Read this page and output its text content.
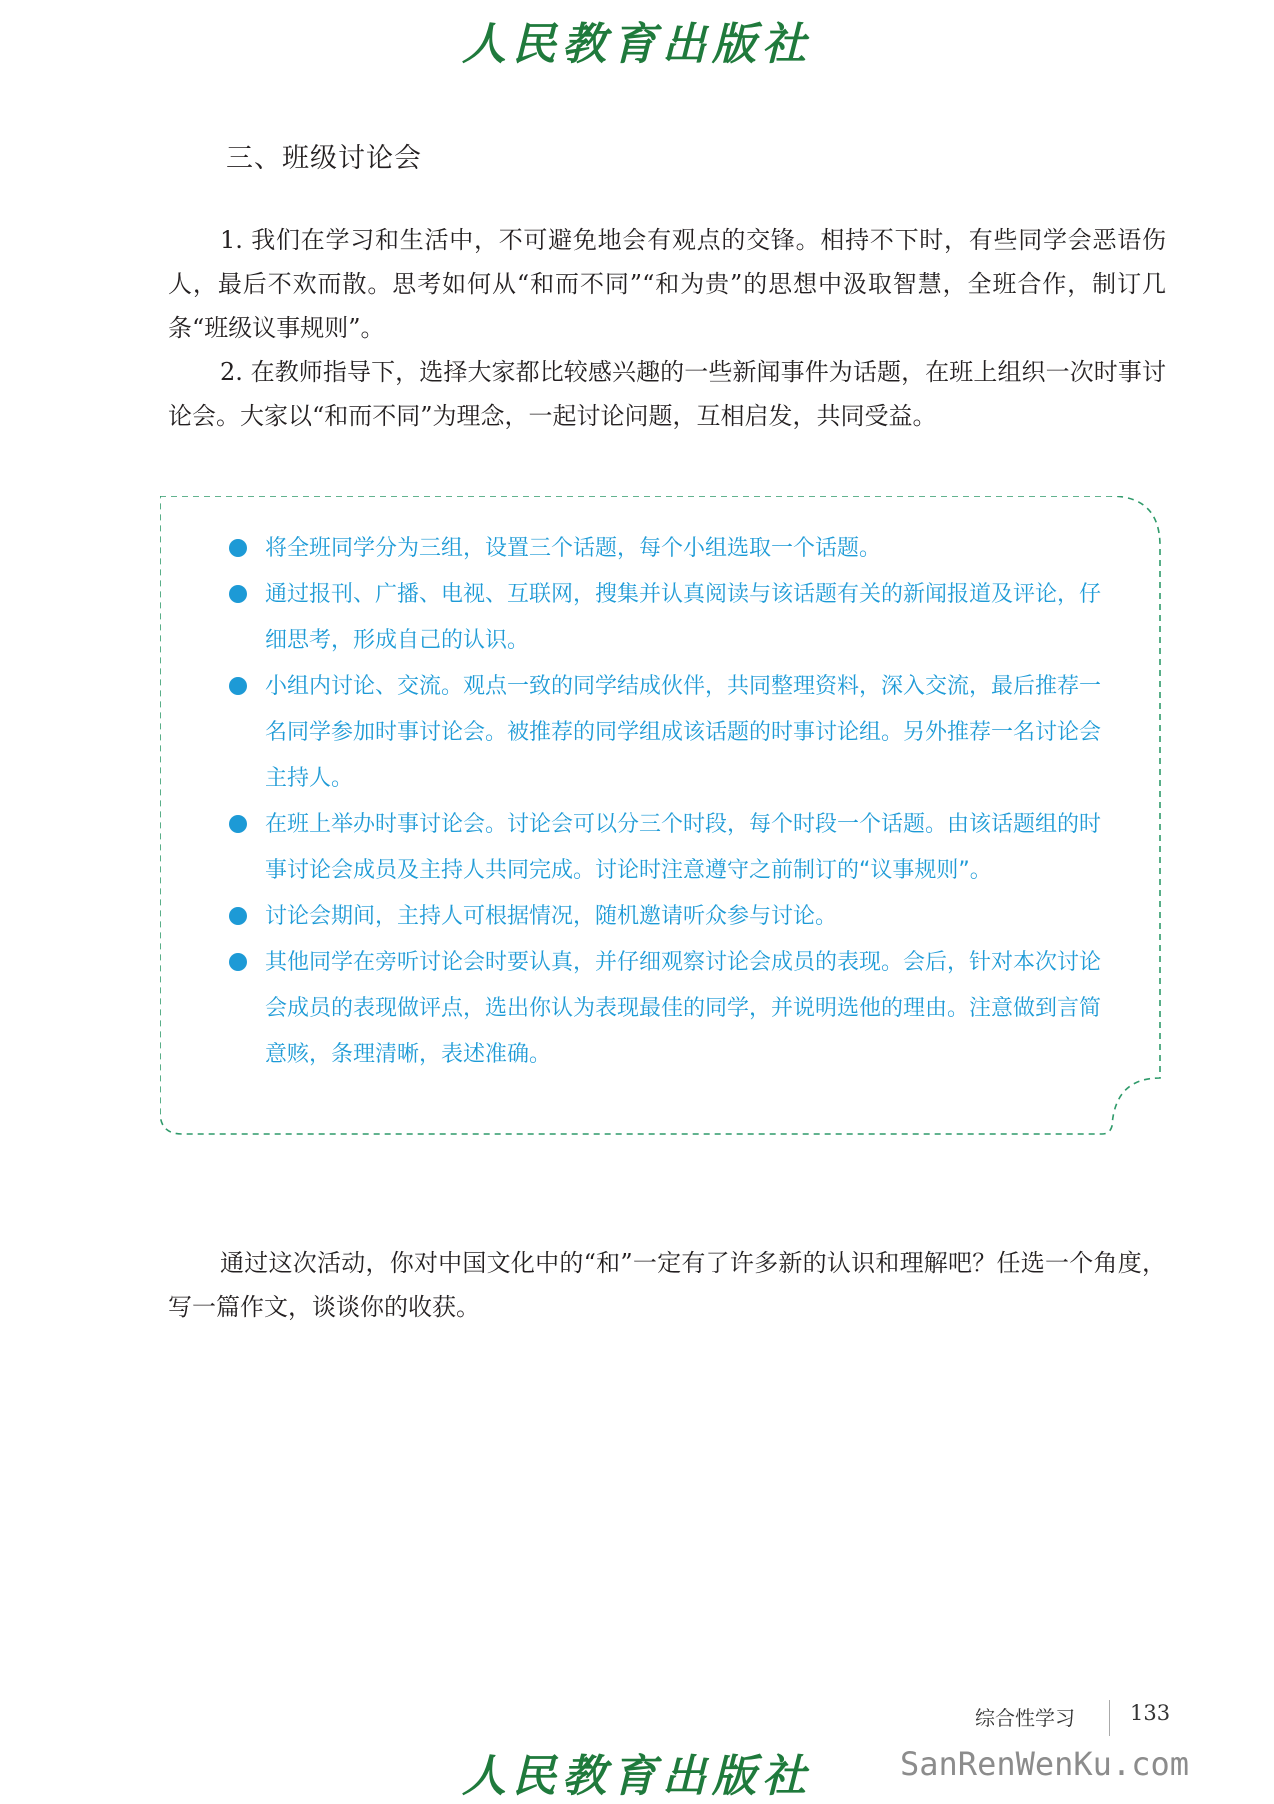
人民教育出版社
三、班级讨论会
1. 我们在学习和生活中，不可避免地会有观点的交锋。相持不下时，有些同学会恶语伤人，最后不欢而散。思考如何从“和而不同”“和为贵”的思想中汲取智慧，全班合作，制订几条“班级议事规则”。
2. 在教师指导下，选择大家都比较感兴趣的一些新闻事件为话题，在班上组织一次时事讨论会。大家以“和而不同”为理念，一起讨论问题，互相启发，共同受益。
将全班同学分为三组，设置三个话题，每个小组选取一个话题。
通过报刊、广播、电视、互联网，搜集并认真阅读与该话题有关的新闻报道及评论，仔细思考，形成自己的认识。
小组内讨论、交流。观点一致的同学结成伙伴，共同整理资料，深入交流，最后推荐一名同学参加时事讨论会。被推荐的同学组成该话题的时事讨论组。另外推荐一名讨论会主持人。
在班上举办时事讨论会。讨论会可以分三个时段，每个时段一个话题。由该话题组的时事讨论会成员及主持人共同完成。讨论时注意遵守之前制订的“议事规则”。
讨论会期间，主持人可根据情况，随机邀请听众参与讨论。
其他同学在旁听讨论会时要认真，并仔细观察讨论会成员的表现。会后，针对本次讨论会成员的表现做评点，选出你认为表现最佳的同学，并说明选他的理由。注意做到言简意赅，条理清晰，表述准确。
通过这次活动，你对中国文化中的“和”一定有了许多新的认识和理解吧？任选一个角度，写一篇作文，谈谈你的收获。
综合性学习	133
人民教育出版社	SanRenWenKu.com
